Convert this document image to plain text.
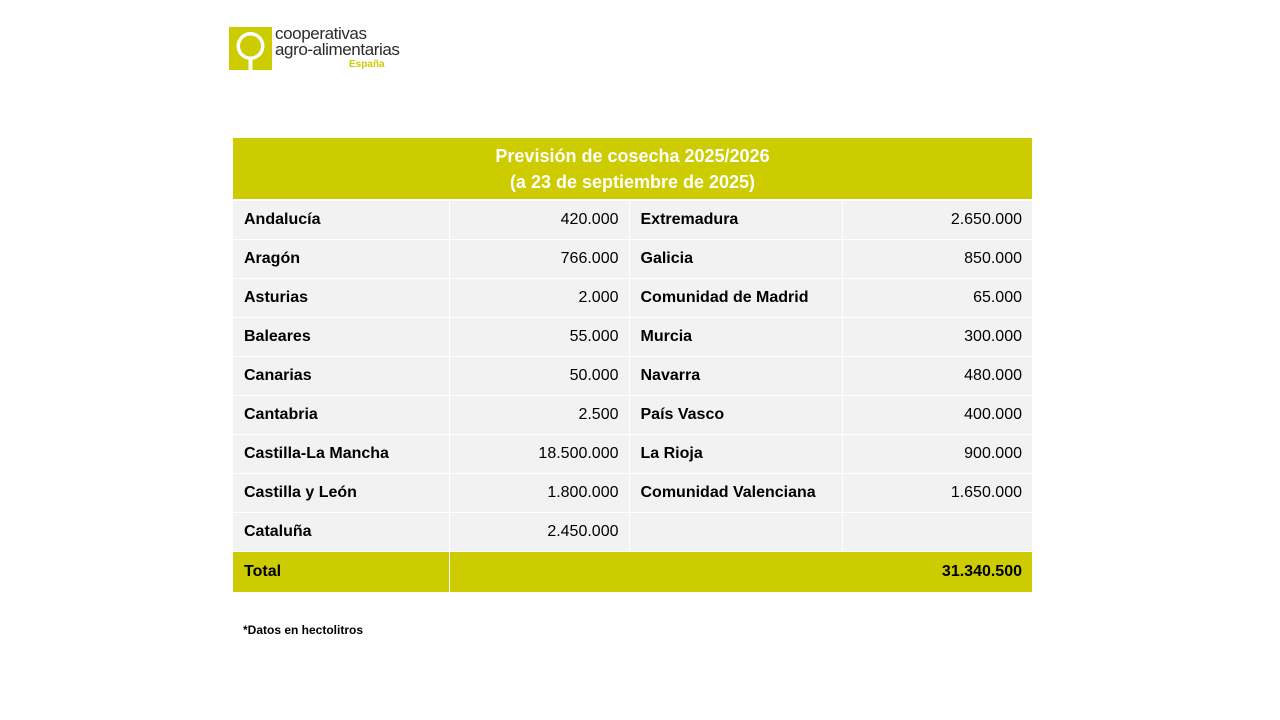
cooperativas
agro-alimentarias
España
Previsión de cosecha 2025/2026
(a 23 de septiembre de 2025)			

Andalucía	420.000	Extremadura	2.650.000
Aragón	766.000	Galicia	850.000
Asturias	2.000	Comunidad de Madrid	65.000
Baleares	55.000	Murcia	300.000
Canarias	50.000	Navarra	480.000
Cantabria	2.500	País Vasco	400.000
Castilla-La Mancha	18.500.000	La Rioja	900.000
Castilla y León	1.800.000	Comunidad Valenciana	1.650.000
Cataluña	2.450.000		
Total	31.340.500		
*Datos en hectolitros
